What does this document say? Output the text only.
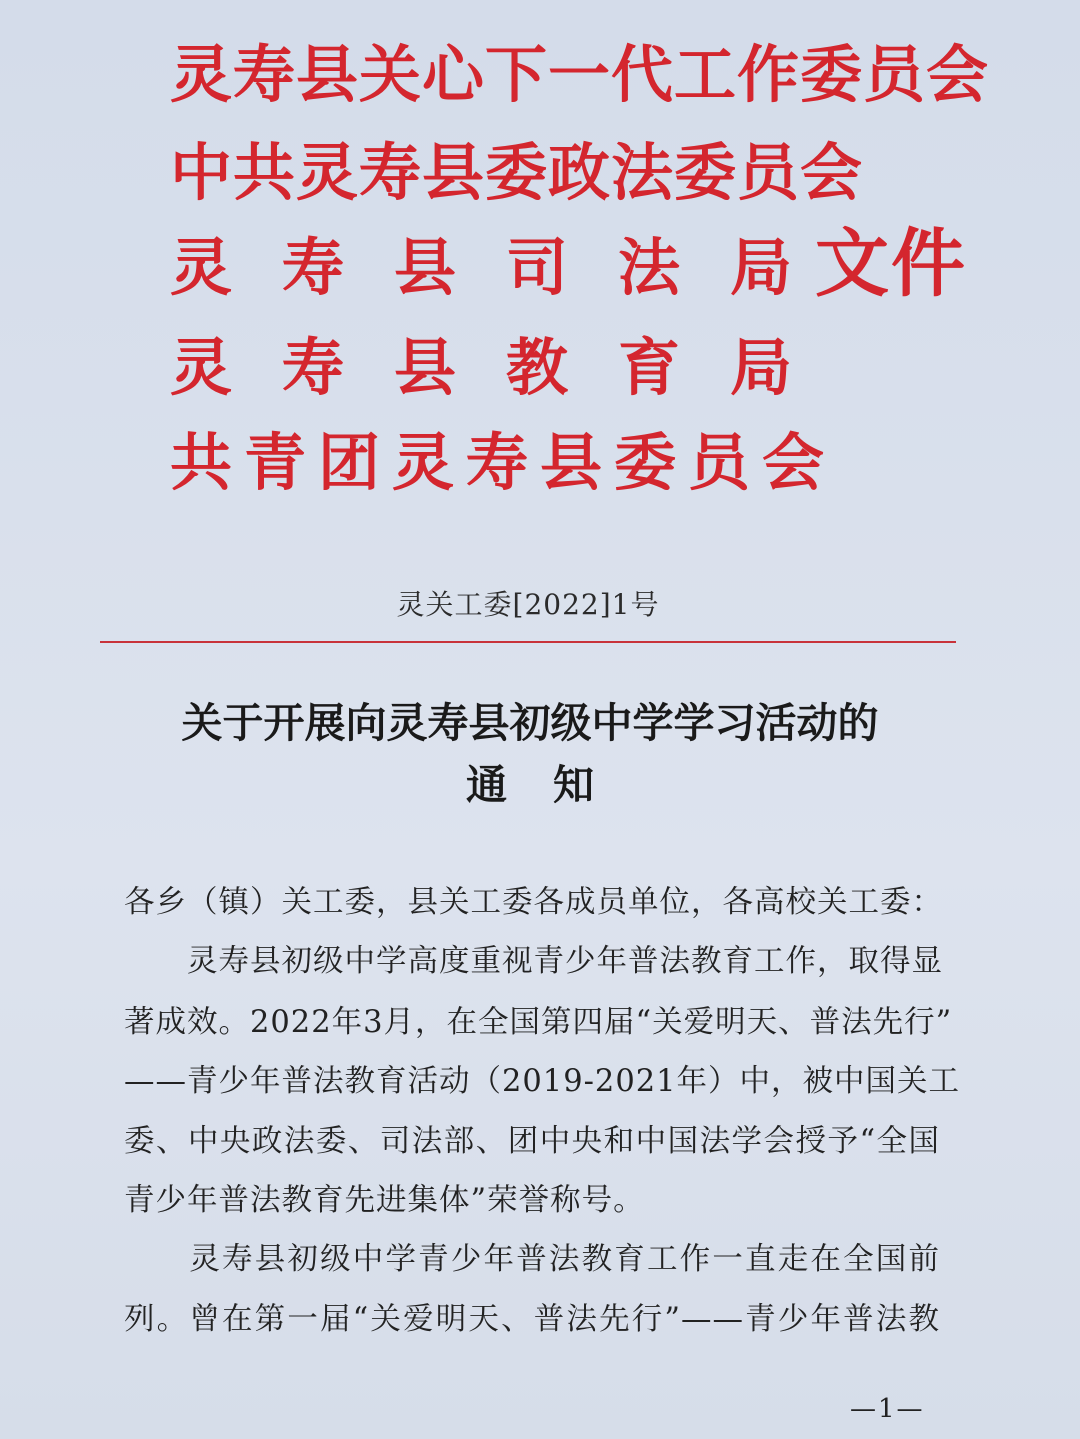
灵寿县关心下一代工作委员会
中共灵寿县委政法委员会
灵寿县司法局
灵寿县教育局
共青团灵寿县委员会
文件
灵关工委[2022]1号
关于开展向灵寿县初级中学学习活动的
通知
各乡（镇）关工委，县关工委各成员单位，各高校关工委：
　　灵寿县初级中学高度重视青少年普法教育工作，取得显
著成效。2022年3月，在全国第四届“关爱明天、普法先行”
——青少年普法教育活动（2019-2021年）中，被中国关工
委、中央政法委、司法部、团中央和中国法学会授予“全国
青少年普法教育先进集体”荣誉称号。
　　灵寿县初级中学青少年普法教育工作一直走在全国前
列。曾在第一届“关爱明天、普法先行”——青少年普法教
—1—
